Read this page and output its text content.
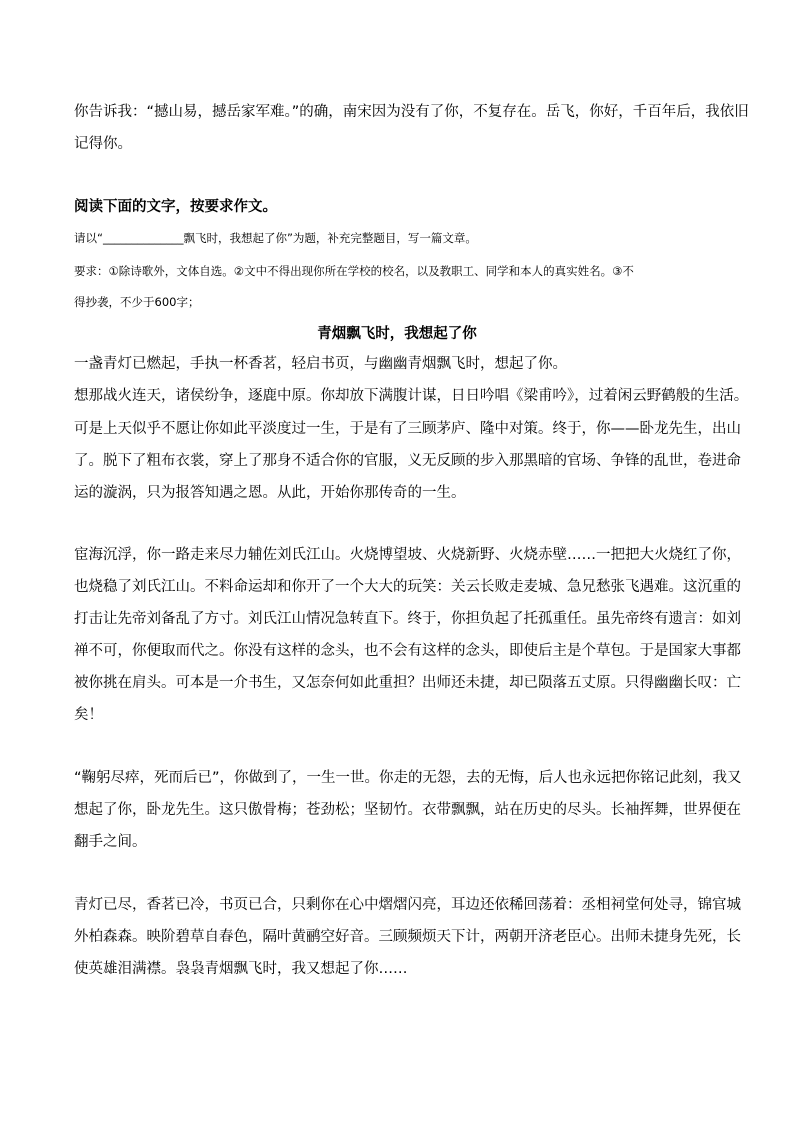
你告诉我：“撼山易，撼岳家军难。”的确，南宋因为没有了你，不复存在。岳飞，你好，千百年后，我依旧
记得你。
阅读下面的文字，按要求作文。
请以“______________飘飞时，我想起了你”为题，补充完整题目，写一篇文章。
要求：①除诗歌外，文体自选。②文中不得出现你所在学校的校名，以及教职工、同学和本人的真实姓名。③不
得抄袭，不少于600字；
青烟飘飞时，我想起了你
一盏青灯已燃起，手执一杯香茗，轻启书页，与幽幽青烟飘飞时，想起了你。
想那战火连天，诸侯纷争，逐鹿中原。你却放下满腹计谋，日日吟唱《梁甫吟》，过着闲云野鹤般的生活。
可是上天似乎不愿让你如此平淡度过一生，于是有了三顾茅庐、隆中对策。终于，你——卧龙先生，出山
了。脱下了粗布衣裳，穿上了那身不适合你的官服，义无反顾的步入那黑暗的官场、争锋的乱世，卷进命
运的漩涡，只为报答知遇之恩。从此，开始你那传奇的一生。
宦海沉浮，你一路走来尽力辅佐刘氏江山。火烧博望坡、火烧新野、火烧赤壁……一把把大火烧红了你，
也烧稳了刘氏江山。不料命运却和你开了一个大大的玩笑：关云长败走麦城、急兄愁张飞遇难。这沉重的
打击让先帝刘备乱了方寸。刘氏江山情况急转直下。终于，你担负起了托孤重任。虽先帝终有遗言：如刘
禅不可，你便取而代之。你没有这样的念头，也不会有这样的念头，即使后主是个草包。于是国家大事都
被你挑在肩头。可本是一介书生，又怎奈何如此重担？出师还未捷，却已陨落五丈原。只得幽幽长叹：亡
矣！
“鞠躬尽瘁，死而后已”，你做到了，一生一世。你走的无怨，去的无悔，后人也永远把你铭记此刻，我又
想起了你，卧龙先生。这只傲骨梅；苍劲松；坚韧竹。衣带飘飘，站在历史的尽头。长袖挥舞，世界便在
翻手之间。
青灯已尽，香茗已冷，书页已合，只剩你在心中熠熠闪亮，耳边还依稀回荡着：丞相祠堂何处寻，锦官城
外柏森森。映阶碧草自春色，隔叶黄鹂空好音。三顾频烦天下计，两朝开济老臣心。出师未捷身先死，长
使英雄泪满襟。袅袅青烟飘飞时，我又想起了你……
